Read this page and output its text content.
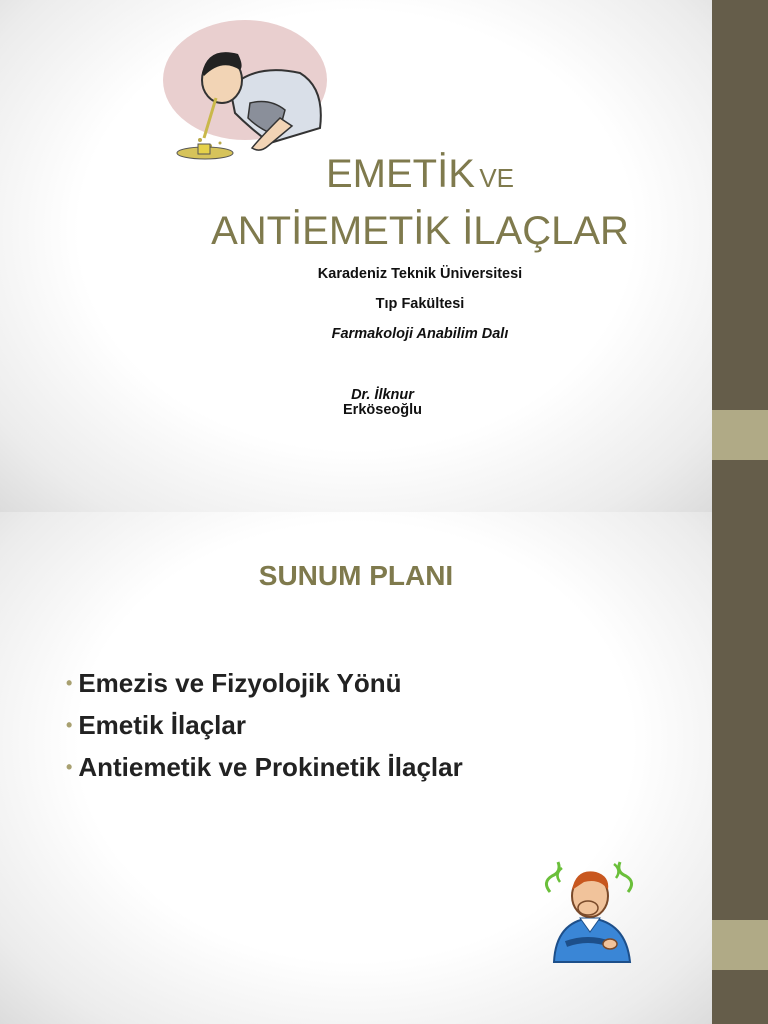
EMETİK VE
ANTİEMETİK İLAÇLAR
Karadeniz Teknik Üniversitesi
Tıp Fakültesi
Farmakoloji Anabilim Dalı
Dr. İlknur
Erköseoğlu
SUNUM PLANI
• Emezis ve Fizyolojik Yönü
• Emetik İlaçlar
• Antiemetik ve Prokinetik İlaçlar
